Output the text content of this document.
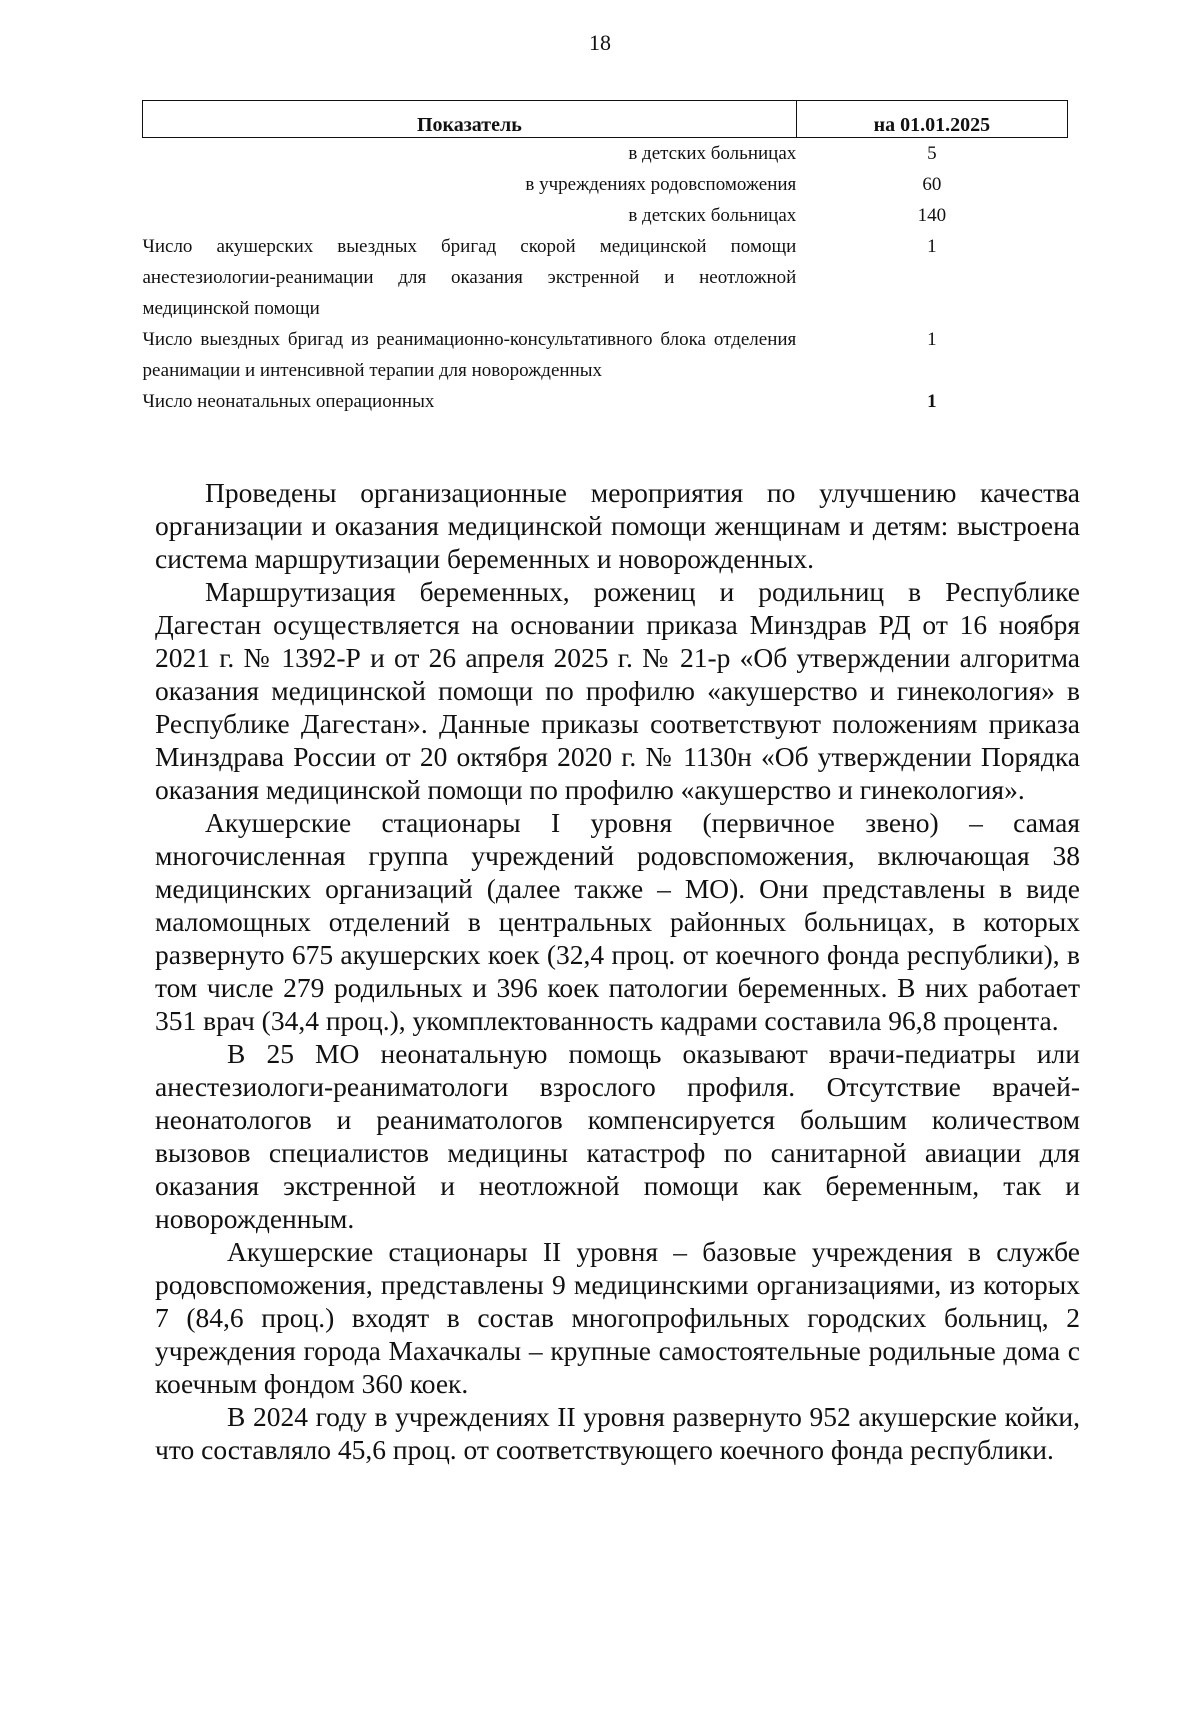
18
Показатель	на 01.01.2025
в детских больницах	5
в учреждениях родовспоможения	60
в детских больницах	140
Число акушерских выездных бригад скорой медицинской помощи анестезиологии-реанимации для оказания экстренной и неотложной медицинской помощи	1
Число выездных бригад из реанимационно-консультативного блока отделения реанимации и интенсивной терапии для новорожденных	1
Число неонатальных операционных	1

Проведены организационные мероприятия по улучшению качества организации и оказания медицинской помощи женщинам и детям: выстроена система маршрутизации беременных и новорожденных.

Маршрутизация беременных, рожениц и родильниц в Республике Дагестан осуществляется на основании приказа Минздрав РД от 16 ноября 2021 г. № 1392-Р и от 26 апреля 2025 г. № 21-р «Об утверждении алгоритма оказания медицинской помощи по профилю «акушерство и гинекология» в Республике Дагестан». Данные приказы соответствуют положениям приказа Минздрава России от 20 октября 2020 г. № 1130н «Об утверждении Порядка оказания медицинской помощи по профилю «акушерство и гинекология».

Акушерские стационары I уровня (первичное звено) – самая многочисленная группа учреждений родовспоможения, включающая 38 медицинских организаций (далее также – МО). Они представлены в виде маломощных отделений в центральных районных больницах, в которых развернуто 675 акушерских коек (32,4 проц. от коечного фонда республики), в том числе 279 родильных и 396 коек патологии беременных. В них работает 351 врач (34,4 проц.), укомплектованность кадрами составила 96,8 процента.

В 25 МО неонатальную помощь оказывают врачи-педиатры или анестезиологи-реаниматологи взрослого профиля. Отсутствие врачей-неонатологов и реаниматологов компенсируется большим количеством вызовов специалистов медицины катастроф по санитарной авиации для оказания экстренной и неотложной помощи как беременным, так и новорожденным.

Акушерские стационары II уровня – базовые учреждения в службе родовспоможения, представлены 9 медицинскими организациями, из которых 7 (84,6 проц.) входят в состав многопрофильных городских больниц, 2 учреждения города Махачкалы – крупные самостоятельные родильные дома с коечным фондом 360 коек.

В 2024 году в учреждениях II уровня развернуто 952 акушерские койки, что составляло 45,6 проц. от соответствующего коечного фонда республики.
